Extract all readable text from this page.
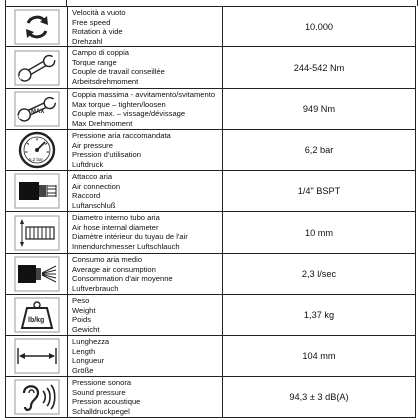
Velocità a vuoto
Free speed
Rotation à vide
Drehzahl
10.000
Campo di coppia
Torque range
Couple de travail conseillée
Arbeitsdrehmoment
244-542 Nm
MAX
Coppia massima - avvitamento/svitamento
Max torque – tighten/loosen
Couple max. – vissage/dévissage
Max Drehmoment
949 Nm
6.2 bar
Pressione aria raccomandata
Air pressure
Pression d'utilisation
Luftdruck
6,2 bar
Attacco aria
Air connection
Raccord
Luftanschluß
1/4" BSPT
Diametro interno tubo aria
Air hose internal diameter
Diamètre intérieur du tuyau de l'air
Innendurchmesser Luftschlauch
10 mm
Consumo aria medio
Average air consumption
Consommation d'air moyenne
Luftverbrauch
2,3 l/sec
lb/kg
Peso
Weight
Poids
Gewicht
1,37 kg
Lunghezza
Length
Longueur
Größe
104 mm
Pressione sonora
Sound pressure
Pression acoustique
Schalldruckpegel
94,3 ± 3 dB(A)
